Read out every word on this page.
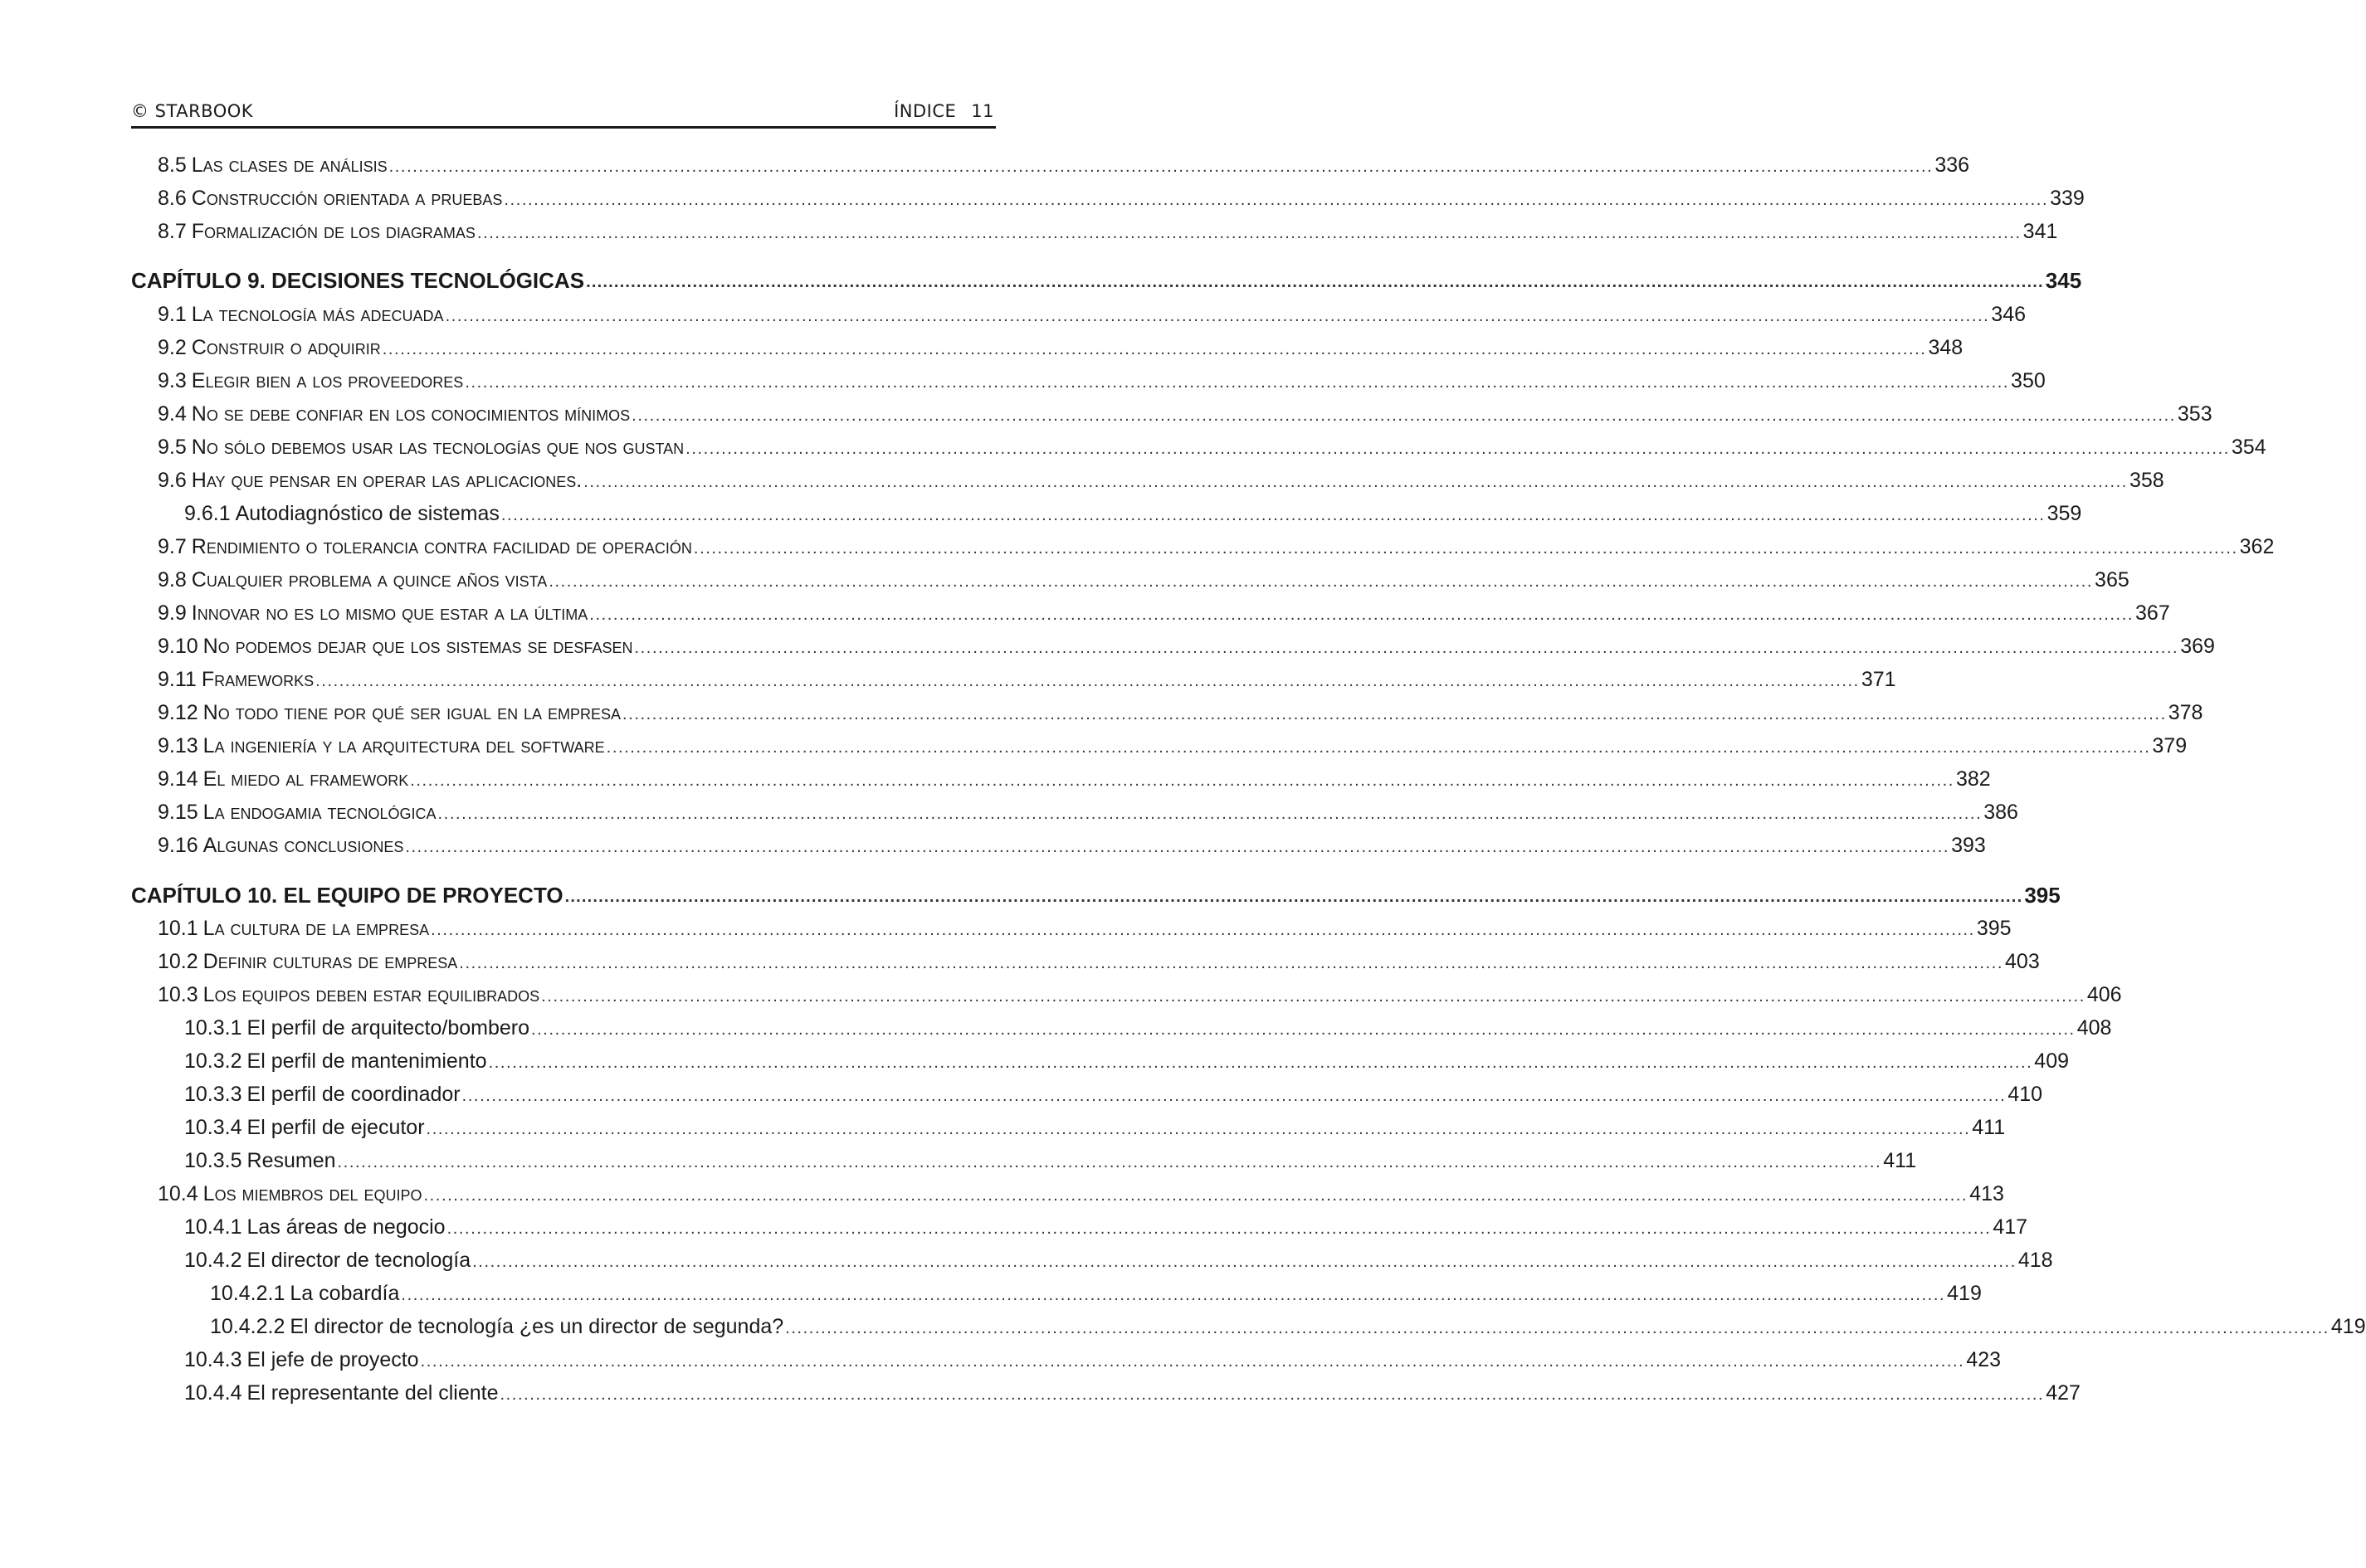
© STARBOOK	ÍNDICE 11
8.5 Las clases de análisis .................................................................................................................................................................................................................................................................... 336
8.6 Construcción orientada a pruebas .................................................................................................................................................................................................................................................................... 339
8.7 Formalización de los diagramas .................................................................................................................................................................................................................................................................... 341
CAPÍTULO 9. DECISIONES TECNOLÓGICAS .................................................................................................................................................................................................................................................................... 345
9.1 La tecnología más adecuada .................................................................................................................................................................................................................................................................... 346
9.2 Construir o adquirir .................................................................................................................................................................................................................................................................... 348
9.3 Elegir bien a los proveedores .................................................................................................................................................................................................................................................................... 350
9.4 No se debe confiar en los conocimientos mínimos .................................................................................................................................................................................................................................................................... 353
9.5 No sólo debemos usar las tecnologías que nos gustan .................................................................................................................................................................................................................................................................... 354
9.6 Hay que pensar en operar las aplicaciones. .................................................................................................................................................................................................................................................................... 358
9.6.1 Autodiagnóstico de sistemas .................................................................................................................................................................................................................................................................... 359
9.7 Rendimiento o tolerancia contra facilidad de operación .................................................................................................................................................................................................................................................................... 362
9.8 Cualquier problema a quince años vista .................................................................................................................................................................................................................................................................... 365
9.9 Innovar no es lo mismo que estar a la última .................................................................................................................................................................................................................................................................... 367
9.10 No podemos dejar que los sistemas se desfasen .................................................................................................................................................................................................................................................................... 369
9.11 Frameworks .................................................................................................................................................................................................................................................................... 371
9.12 No todo tiene por qué ser igual en la empresa .................................................................................................................................................................................................................................................................... 378
9.13 La ingeniería y la arquitectura del software .................................................................................................................................................................................................................................................................... 379
9.14 El miedo al framework .................................................................................................................................................................................................................................................................... 382
9.15 La endogamia tecnológica .................................................................................................................................................................................................................................................................... 386
9.16 Algunas conclusiones .................................................................................................................................................................................................................................................................... 393
CAPÍTULO 10. EL EQUIPO DE PROYECTO .................................................................................................................................................................................................................................................................... 395
10.1 La cultura de la empresa .................................................................................................................................................................................................................................................................... 395
10.2 Definir culturas de empresa .................................................................................................................................................................................................................................................................... 403
10.3 Los equipos deben estar equilibrados .................................................................................................................................................................................................................................................................... 406
10.3.1 El perfil de arquitecto/bombero .................................................................................................................................................................................................................................................................... 408
10.3.2 El perfil de mantenimiento .................................................................................................................................................................................................................................................................... 409
10.3.3 El perfil de coordinador .................................................................................................................................................................................................................................................................... 410
10.3.4 El perfil de ejecutor .................................................................................................................................................................................................................................................................... 411
10.3.5 Resumen .................................................................................................................................................................................................................................................................... 411
10.4 Los miembros del equipo .................................................................................................................................................................................................................................................................... 413
10.4.1 Las áreas de negocio .................................................................................................................................................................................................................................................................... 417
10.4.2 El director de tecnología .................................................................................................................................................................................................................................................................... 418
10.4.2.1 La cobardía .................................................................................................................................................................................................................................................................... 419
10.4.2.2 El director de tecnología ¿es un director de segunda? .................................................................................................................................................................................................................................................................... 419
10.4.3 El jefe de proyecto .................................................................................................................................................................................................................................................................... 423
10.4.4 El representante del cliente .................................................................................................................................................................................................................................................................... 427
